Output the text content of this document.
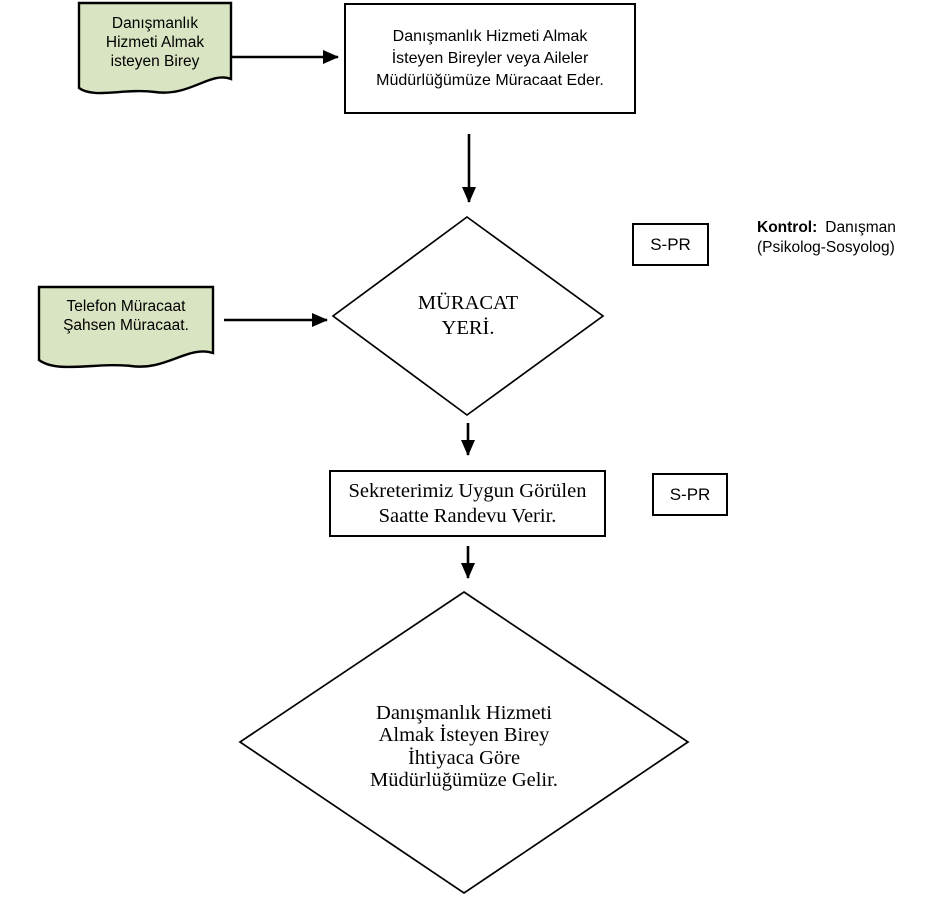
Danışmanlık
Hizmeti Almak
isteyen Birey
Danışmanlık Hizmeti Almak
İsteyen Bireyler veya Aileler
Müdürlüğümüze Müracaat Eder.
MÜRACAT
YERİ.
Telefon Müracaat
Şahsen Müracaat.
S-PR
Kontrol: Danışman
(Psikolog-Sosyolog)
Sekreterimiz Uygun Görülen
Saatte Randevu Verir.
S-PR
Danışmanlık Hizmeti
Almak İsteyen Birey
İhtiyaca Göre
Müdürlüğümüze Gelir.
